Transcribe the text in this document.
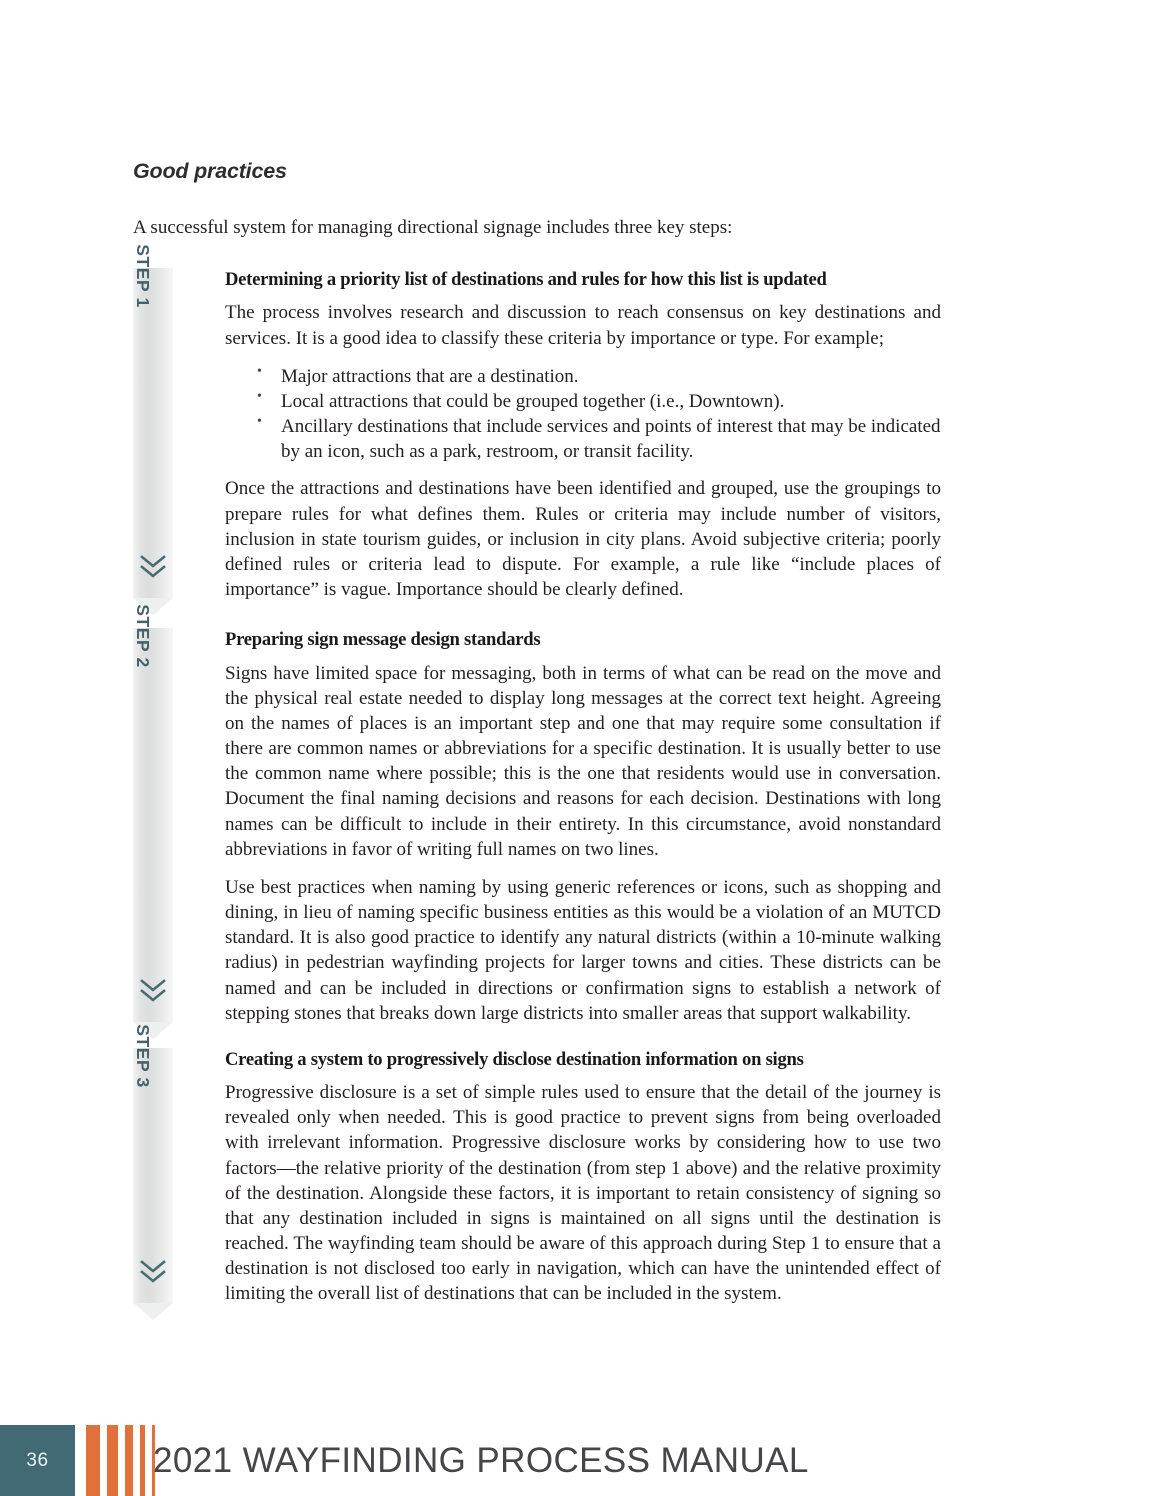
Good practices

A successful system for managing directional signage includes three key steps:

STEP 1	Determining a priority list of destinations and rules for how this list is updated

The process involves research and discussion to reach consensus on key destinations and services. It is a good idea to classify these criteria by importance or type. For example;

• Major attractions that are a destination.
• Local attractions that could be grouped together (i.e., Downtown).
• Ancillary destinations that include services and points of interest that may be indicated by an icon, such as a park, restroom, or transit facility.

Once the attractions and destinations have been identified and grouped, use the groupings to prepare rules for what defines them. Rules or criteria may include number of visitors, inclusion in state tourism guides, or inclusion in city plans. Avoid subjective criteria; poorly defined rules or criteria lead to dispute. For example, a rule like “include places of importance” is vague. Importance should be clearly defined.

STEP 2	Preparing sign message design standards

Signs have limited space for messaging, both in terms of what can be read on the move and the physical real estate needed to display long messages at the correct text height. Agreeing on the names of places is an important step and one that may require some consultation if there are common names or abbreviations for a specific destination. It is usually better to use the common name where possible; this is the one that residents would use in conversation. Document the final naming decisions and reasons for each decision. Destinations with long names can be difficult to include in their entirety. In this circumstance, avoid nonstandard abbreviations in favor of writing full names on two lines.

Use best practices when naming by using generic references or icons, such as shopping and dining, in lieu of naming specific business entities as this would be a violation of an MUTCD standard. It is also good practice to identify any natural districts (within a 10-minute walking radius) in pedestrian wayfinding projects for larger towns and cities. These districts can be named and can be included in directions or confirmation signs to establish a network of stepping stones that breaks down large districts into smaller areas that support walkability.

STEP 3	Creating a system to progressively disclose destination information on signs

Progressive disclosure is a set of simple rules used to ensure that the detail of the journey is revealed only when needed. This is good practice to prevent signs from being overloaded with irrelevant information. Progressive disclosure works by considering how to use two factors—the relative priority of the destination (from step 1 above) and the relative proximity of the destination. Alongside these factors, it is important to retain consistency of signing so that any destination included in signs is maintained on all signs until the destination is reached. The wayfinding team should be aware of this approach during Step 1 to ensure that a destination is not disclosed too early in navigation, which can have the unintended effect of limiting the overall list of destinations that can be included in the system.

36	2021 WAYFINDING PROCESS MANUAL
